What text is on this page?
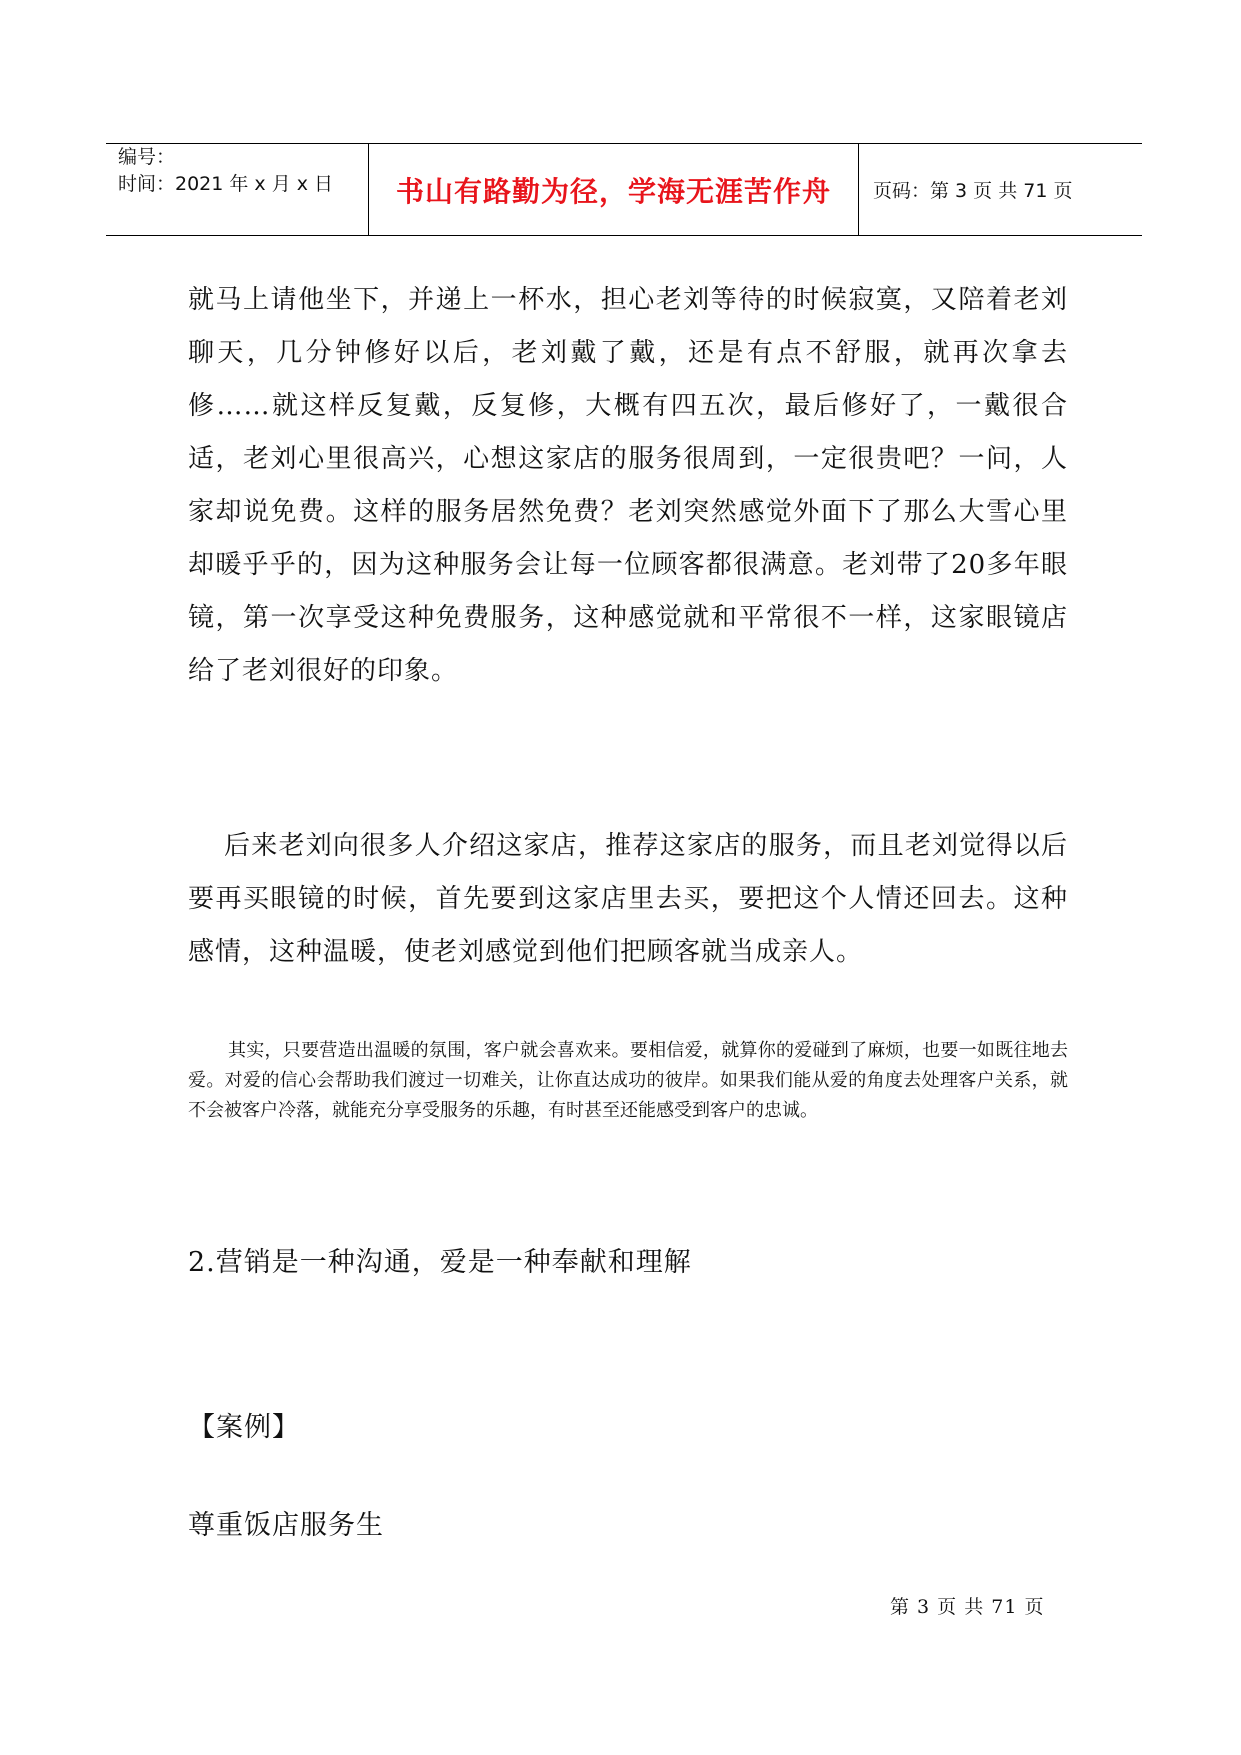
编号：
时间：2021 年 x 月 x 日	书山有路勤为径，学海无涯苦作舟	页码：第 3 页 共 71 页

就马上请他坐下，并递上一杯水，担心老刘等待的时候寂寞，又陪着老刘聊天，几分钟修好以后，老刘戴了戴，还是有点不舒服，就再次拿去修……就这样反复戴，反复修，大概有四五次，最后修好了，一戴很合适，老刘心里很高兴，心想这家店的服务很周到，一定很贵吧？一问，人家却说免费。这样的服务居然免费？老刘突然感觉外面下了那么大雪心里却暖乎乎的，因为这种服务会让每一位顾客都很满意。老刘带了20多年眼镜，第一次享受这种免费服务，这种感觉就和平常很不一样，这家眼镜店给了老刘很好的印象。

后来老刘向很多人介绍这家店，推荐这家店的服务，而且老刘觉得以后要再买眼镜的时候，首先要到这家店里去买，要把这个人情还回去。这种感情，这种温暖，使老刘感觉到他们把顾客就当成亲人。

其实，只要营造出温暖的氛围，客户就会喜欢来。要相信爱，就算你的爱碰到了麻烦，也要一如既往地去爱。对爱的信心会帮助我们渡过一切难关，让你直达成功的彼岸。如果我们能从爱的角度去处理客户关系，就不会被客户冷落，就能充分享受服务的乐趣，有时甚至还能感受到客户的忠诚。

2.营销是一种沟通，爱是一种奉献和理解

【案例】

尊重饭店服务生

第 3 页 共 71 页
